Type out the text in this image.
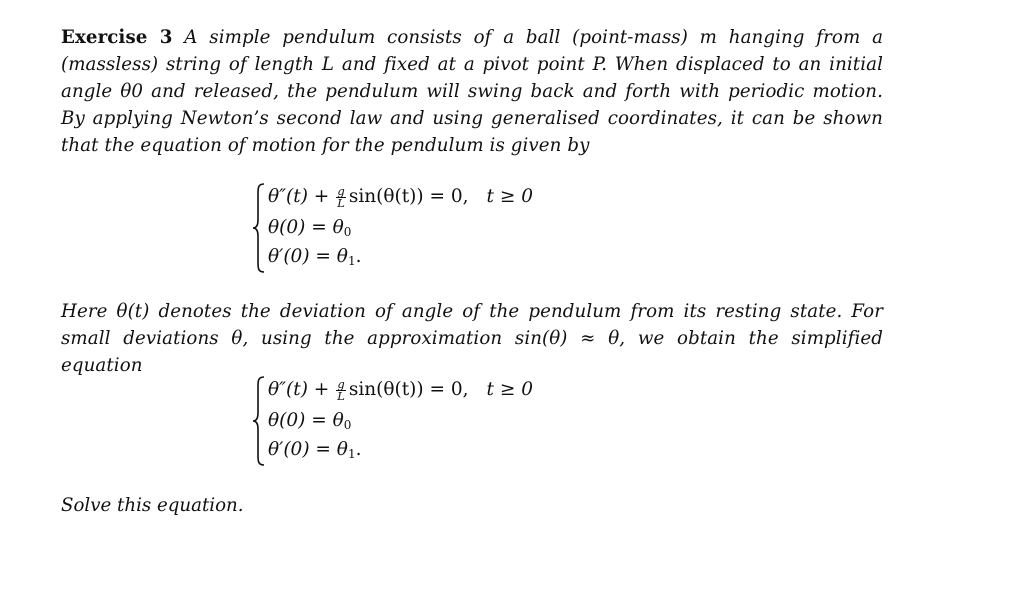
Exercise 3 A simple pendulum consists of a ball (point-mass) m hanging from a (massless) string of length L and fixed at a pivot point P. When displaced to an initial angle θ0 and released, the pendulum will swing back and forth with periodic motion. By applying Newton’s second law and using generalised coordinates, it can be shown that the equation of motion for the pendulum is given by

$\theta''(t) + \frac{g}{L} \sin(\theta(t)) = 0$, t ≥ 0
$\theta(0) = \theta_0$
$\theta'(0) = \theta_1$.

Here θ(t) denotes the deviation of angle of the pendulum from its resting state. For small deviations θ, using the approximation sin(θ) ≈ θ, we obtain the simplified equation

$\theta''(t) + \frac{g}{L} \sin(\theta(t)) = 0$, t ≥ 0
$\theta(0) = \theta_0$
$\theta'(0) = \theta_1$.

Solve this equation.
